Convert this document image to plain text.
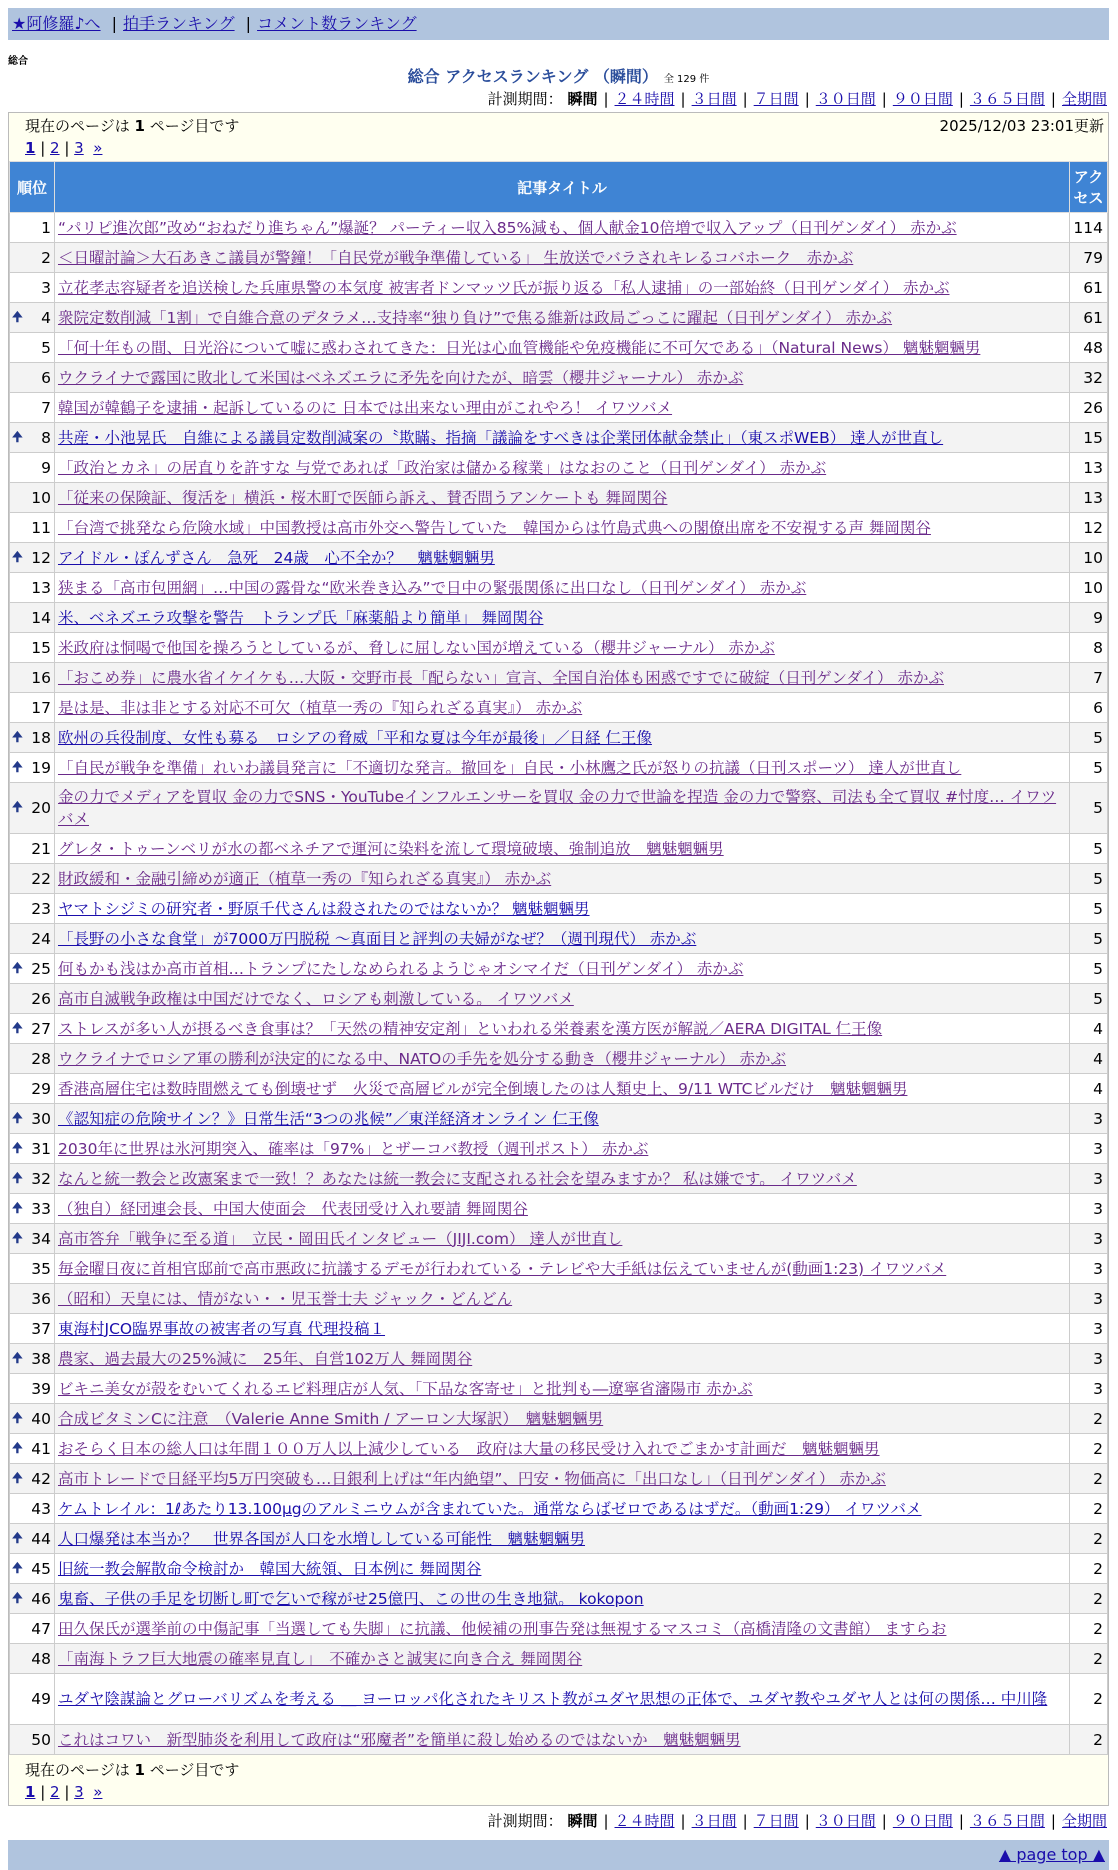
★阿修羅♪へ | 拍手ランキング | コメント数ランキング
総合
総合 アクセスランキング （瞬間） 全 129 件
計測期間： 瞬間 | ２４時間 | ３日間 | ７日間 | ３０日間 | ９０日間 | ３６５日間 | 全期間
現在のページは 1 ページ目です	2025/12/03 23:01更新
1 | 2 | 3 »
順位	記事タイトル	アクセス
1	“パリピ進次郎”改め“おねだり進ちゃん”爆誕？ パーティー収入85%減も、個人献金10倍増で収入アップ（日刊ゲンダイ） 赤かぶ	114
2	＜日曜討論＞大石あきこ議員が警鐘！「自民党が戦争準備している」 生放送でバラされキレるコバホーク　赤かぶ	79
3	立花孝志容疑者を追送検した兵庫県警の本気度 被害者ドンマッツ氏が振り返る「私人逮捕」の一部始終（日刊ゲンダイ） 赤かぶ	61

🠉 4	衆院定数削減「1割」で自維合意のデタラメ…支持率“独り負け”で焦る維新は政局ごっこに躍起（日刊ゲンダイ） 赤かぶ	61
5	「何十年もの間、日光浴について嘘に惑わされてきた：日光は心血管機能や免疫機能に不可欠である」（Natural News） 魑魅魍魎男	48
6	ウクライナで露国に敗北して米国はベネズエラに矛先を向けたが、暗雲（櫻井ジャーナル） 赤かぶ	32
7	韓国が韓鶴子を逮捕・起訴しているのに 日本では出来ない理由がこれやろ！ イワツバメ	26

🠉 8	共産・小池晃氏　自維による議員定数削減案の〝欺瞞〟指摘「議論をすべきは企業団体献金禁止」（東スポWEB） 達人が世直し	15
9	「政治とカネ」の居直りを許すな 与党であれば「政治家は儲かる稼業」はなおのこと（日刊ゲンダイ） 赤かぶ	13
10	「従来の保険証、復活を」横浜・桜木町で医師ら訴え、賛否問うアンケートも 舞岡関谷	13
11	「台湾で挑発なら危険水域」中国教授は高市外交へ警告していた　韓国からは竹島式典への閣僚出席を不安視する声 舞岡関谷	12

🠉 12	アイドル・ぽんずさん　急死　24歳　心不全か？　魑魅魍魎男	10
13	狭まる「高市包囲網」…中国の露骨な“欧米巻き込み”で日中の緊張関係に出口なし（日刊ゲンダイ） 赤かぶ	10
14	米、ベネズエラ攻撃を警告　トランプ氏「麻薬船より簡単」 舞岡関谷	9
15	米政府は恫喝で他国を操ろうとしているが、脅しに屈しない国が増えている（櫻井ジャーナル） 赤かぶ	8
16	「おこめ券」に農水省イケイケも…大阪・交野市長「配らない」宣言、全国自治体も困惑ですでに破綻（日刊ゲンダイ） 赤かぶ	7
17	是は是、非は非とする対応不可欠（植草一秀の『知られざる真実』） 赤かぶ	6

🠉 18	欧州の兵役制度、女性も募る　ロシアの脅威「平和な夏は今年が最後」／日経 仁王像	5

🠉 19	「自民が戦争を準備」れいわ議員発言に「不適切な発言。撤回を」自民・小林鷹之氏が怒りの抗議（日刊スポーツ） 達人が世直し	5

🠉 20	金の力でメディアを買収 金の力でSNS・YouTubeインフルエンサーを買収 金の力で世論を捏造 金の力で警察、司法も全て買収 #忖度… イワツバメ	5
21	グレタ・トゥーンベリが水の都ベネチアで運河に染料を流して環境破壊、強制追放　魑魅魍魎男	5
22	財政緩和・金融引締めが適正（植草一秀の『知られざる真実』） 赤かぶ	5
23	ヤマトシジミの研究者・野原千代さんは殺されたのではないか？ 魑魅魍魎男	5
24	「長野の小さな食堂」が7000万円脱税 ～真面目と評判の夫婦がなぜ？（週刊現代） 赤かぶ	5

🠉 25	何もかも浅はか高市首相…トランプにたしなめられるようじゃオシマイだ（日刊ゲンダイ） 赤かぶ	5
26	高市自滅戦争政権は中国だけでなく、ロシアも刺激している。 イワツバメ	5

🠉 27	ストレスが多い人が摂るべき食事は？「天然の精神安定剤」といわれる栄養素を漢方医が解説／AERA DIGITAL 仁王像	4
28	ウクライナでロシア軍の勝利が決定的になる中、NATOの手先を処分する動き（櫻井ジャーナル） 赤かぶ	4
29	香港高層住宅は数時間燃えても倒壊せず　火災で高層ビルが完全倒壊したのは人類史上、9/11 WTCビルだけ　魑魅魍魎男	4

🠉 30	《認知症の危険サイン？》日常生活“3つの兆候”／東洋経済オンライン 仁王像	3

🠉 31	2030年に世界は氷河期突入、確率は「97%」とザーコバ教授（週刊ポスト） 赤かぶ	3

🠉 32	なんと統一教会と改憲案まで一致！？あなたは統一教会に支配される社会を望みますか？ 私は嫌です。 イワツバメ	3

🠉 33	（独自）経団連会長、中国大使面会　代表団受け入れ要請 舞岡関谷	3

🠉 34	高市答弁「戦争に至る道」　立民・岡田氏インタビュー（JIJI.com） 達人が世直し	3
35	毎金曜日夜に首相官邸前で高市悪政に抗議するデモが行われている・テレビや大手紙は伝えていませんが(動画1:23) イワツバメ	3
36	（昭和）天皇には、情がない・・児玉誉士夫 ジャック・どんどん	3
37	東海村JCO臨界事故の被害者の写真 代理投稿１	3

🠉 38	農家、過去最大の25%減に　25年、自営102万人 舞岡関谷	3
39	ビキニ美女が殻をむいてくれるエビ料理店が人気、「下品な客寄せ」と批判も―遼寧省瀋陽市 赤かぶ	3

🠉 40	合成ビタミンCに注意　（Valerie Anne Smith / アーロン大塚訳）　魑魅魍魎男	2

🠉 41	おそらく日本の総人口は年間１００万人以上減少している　政府は大量の移民受け入れでごまかす計画だ　魑魅魍魎男	2

🠉 42	高市トレードで日経平均5万円突破も…日銀利上げは“年内絶望”、円安・物価高に「出口なし」（日刊ゲンダイ） 赤かぶ	2
43	ケムトレイル：1ℓあたり13.100μgのアルミニウムが含まれていた。通常ならばゼロであるはずだ。（動画1:29） イワツバメ	2

🠉 44	人口爆発は本当か？　世界各国が人口を水増ししている可能性　魑魅魍魎男	2

🠉 45	旧統一教会解散命令検討か　韓国大統領、日本例に 舞岡関谷	2

🠉 46	鬼畜、子供の手足を切断し町で乞いで稼がせ25億円、この世の生き地獄。 kokopon	2
47	田久保氏が選挙前の中傷記事「当選しても失脚」に抗議、他候補の刑事告発は無視するマスコミ（高橋清隆の文書館） ますらお	2
48	「南海トラフ巨大地震の確率見直し」　不確かさと誠実に向き合え 舞岡関谷	2
49	ユダヤ陰謀論とグローバリズムを考える ＿ ヨーロッパ化されたキリスト教がユダヤ思想の正体で、ユダヤ教やユダヤ人とは何の関係… 中川隆	2
50	これはコワい　新型肺炎を利用して政府は“邪魔者”を簡単に殺し始めるのではないか　魑魅魍魎男	2
現在のページは 1 ページ目です
1 | 2 | 3 »
計測期間： 瞬間 | ２４時間 | ３日間 | ７日間 | ３０日間 | ９０日間 | ３６５日間 | 全期間
▲ page top ▲
